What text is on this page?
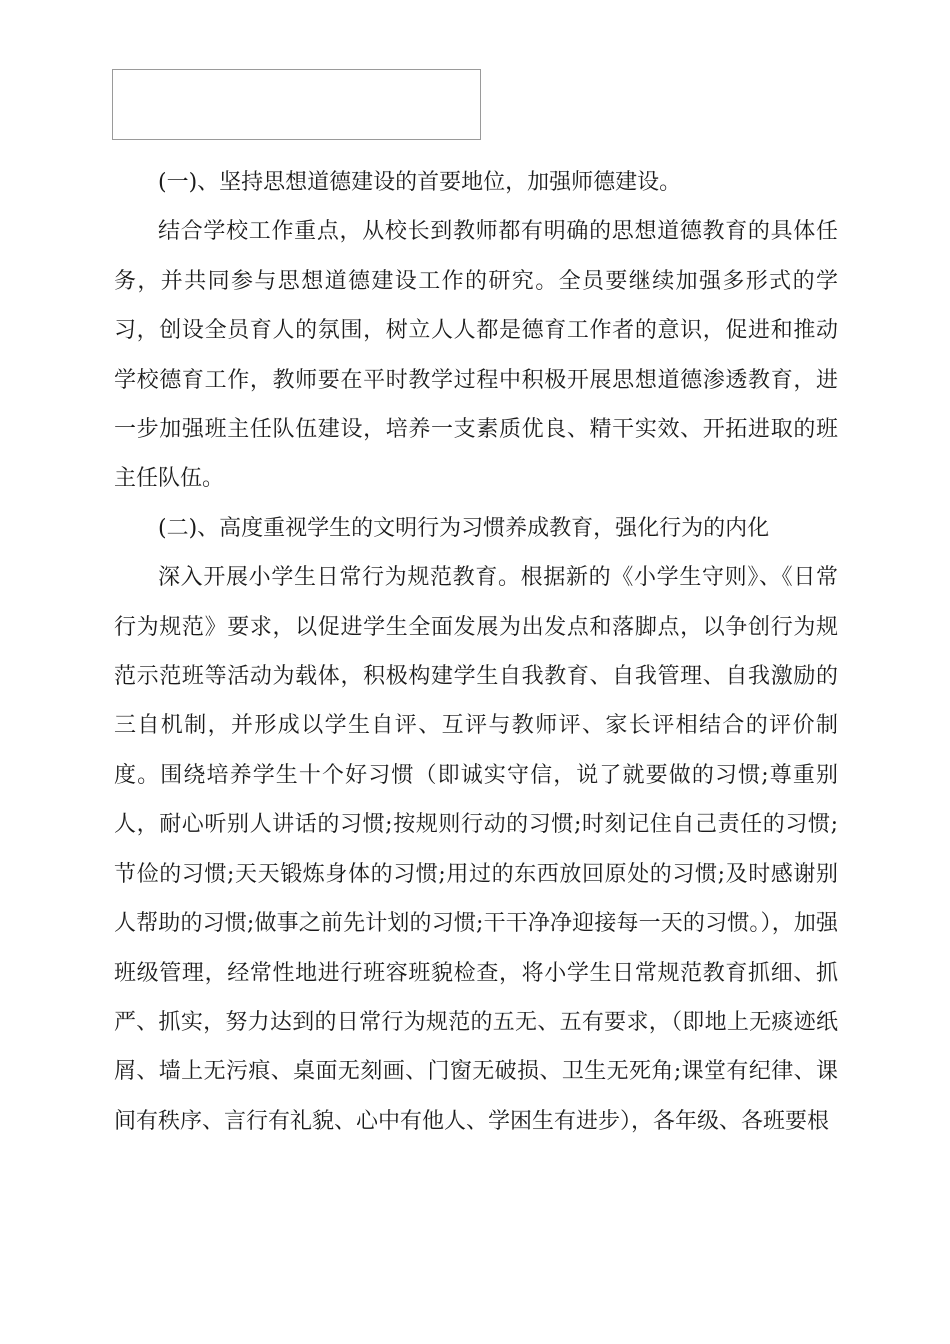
(一)、坚持思想道德建设的首要地位，加强师德建设。

结合学校工作重点，从校长到教师都有明确的思想道德教育的具体任务，并共同参与思想道德建设工作的研究。全员要继续加强多形式的学习，创设全员育人的氛围，树立人人都是德育工作者的意识，促进和推动学校德育工作，教师要在平时教学过程中积极开展思想道德渗透教育，进一步加强班主任队伍建设，培养一支素质优良、精干实效、开拓进取的班主任队伍。

(二)、高度重视学生的文明行为习惯养成教育，强化行为的内化

深入开展小学生日常行为规范教育。根据新的《小学生守则》、《日常行为规范》要求，以促进学生全面发展为出发点和落脚点，以争创行为规范示范班等活动为载体，积极构建学生自我教育、自我管理、自我激励的三自机制，并形成以学生自评、互评与教师评、家长评相结合的评价制度。围绕培养学生十个好习惯（即诚实守信，说了就要做的习惯;尊重别人，耐心听别人讲话的习惯;按规则行动的习惯;时刻记住自己责任的习惯;节俭的习惯;天天锻炼身体的习惯;用过的东西放回原处的习惯;及时感谢别人帮助的习惯;做事之前先计划的习惯;干干净净迎接每一天的习惯。），加强班级管理，经常性地进行班容班貌检查，将小学生日常规范教育抓细、抓严、抓实，努力达到的日常行为规范的五无、五有要求，（即地上无痰迹纸屑、墙上无污痕、桌面无刻画、门窗无破损、卫生无死角;课堂有纪律、课间有秩序、言行有礼貌、心中有他人、学困生有进步），各年级、各班要根
